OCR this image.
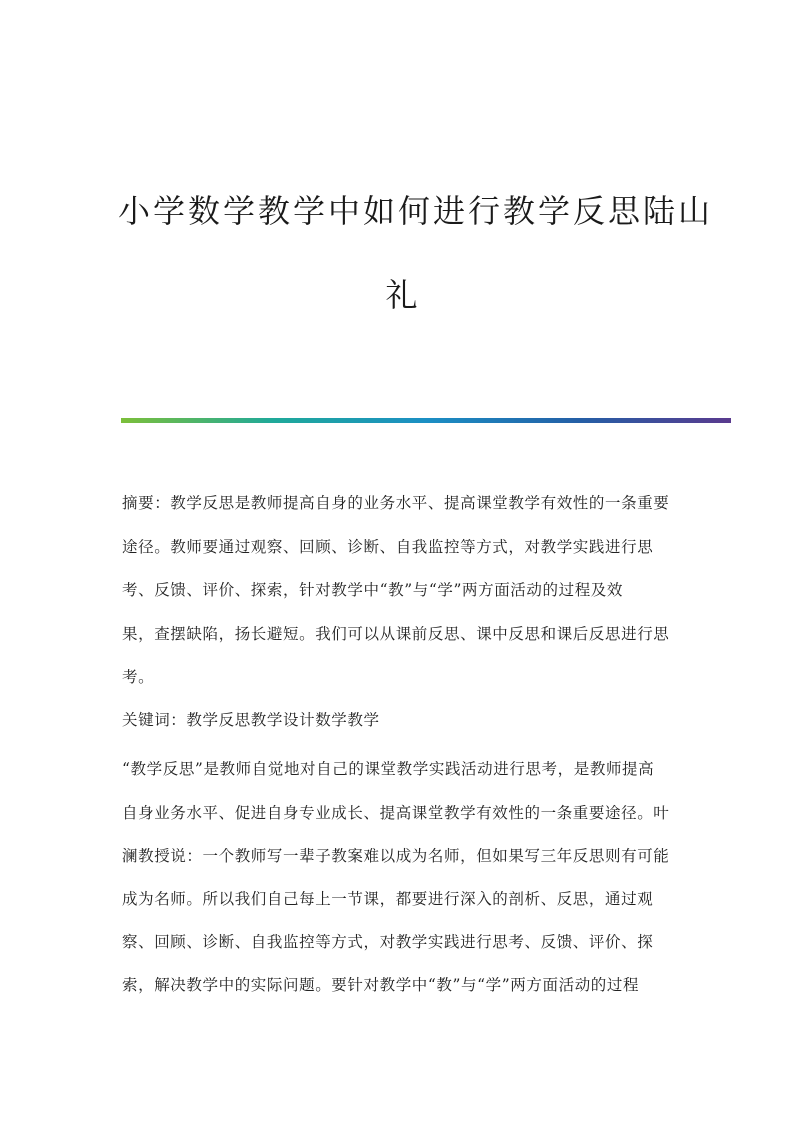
小学数学教学中如何进行教学反思陆山
礼
摘要：教学反思是教师提高自身的业务水平、提高课堂教学有效性的一条重要
途径。教师要通过观察、回顾、诊断、自我监控等方式，对教学实践进行思
考、反馈、评价、探索，针对教学中“教”与“学”两方面活动的过程及效
果，查摆缺陷，扬长避短。我们可以从课前反思、课中反思和课后反思进行思
考。
关键词：教学反思教学设计数学教学
“教学反思”是教师自觉地对自己的课堂教学实践活动进行思考，是教师提高
自身业务水平、促进自身专业成长、提高课堂教学有效性的一条重要途径。叶
澜教授说：一个教师写一辈子教案难以成为名师，但如果写三年反思则有可能
成为名师。所以我们自己每上一节课，都要进行深入的剖析、反思，通过观
察、回顾、诊断、自我监控等方式，对教学实践进行思考、反馈、评价、探
索，解决教学中的实际问题。要针对教学中“教”与“学”两方面活动的过程
